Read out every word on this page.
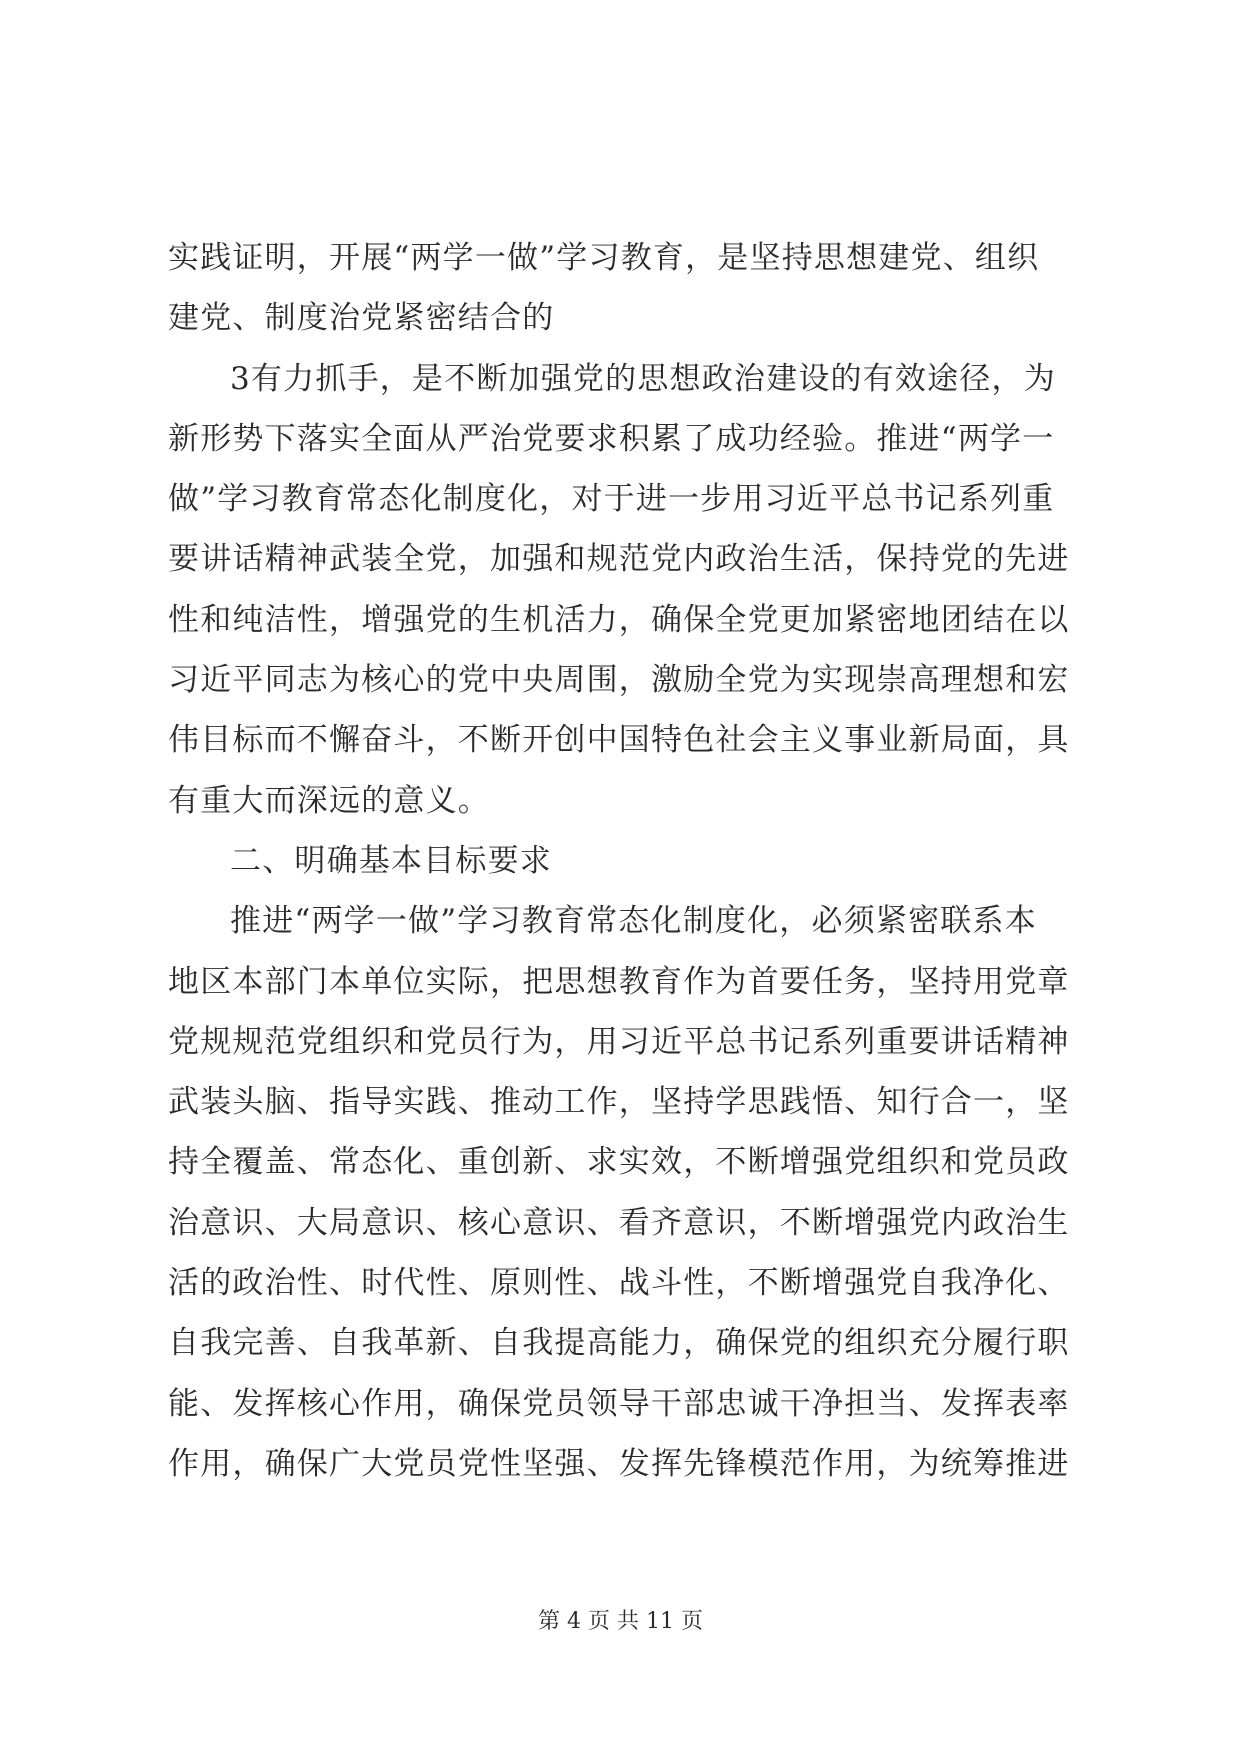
实践证明，开展“两学一做”学习教育，是坚持思想建党、组织
建党、制度治党紧密结合的
3有力抓手，是不断加强党的思想政治建设的有效途径，为
新形势下落实全面从严治党要求积累了成功经验。推进“两学一
做”学习教育常态化制度化，对于进一步用习近平总书记系列重
要讲话精神武装全党，加强和规范党内政治生活，保持党的先进
性和纯洁性，增强党的生机活力，确保全党更加紧密地团结在以
习近平同志为核心的党中央周围，激励全党为实现崇高理想和宏
伟目标而不懈奋斗，不断开创中国特色社会主义事业新局面，具
有重大而深远的意义。
二、明确基本目标要求
推进“两学一做”学习教育常态化制度化，必须紧密联系本
地区本部门本单位实际，把思想教育作为首要任务，坚持用党章
党规规范党组织和党员行为，用习近平总书记系列重要讲话精神
武装头脑、指导实践、推动工作，坚持学思践悟、知行合一，坚
持全覆盖、常态化、重创新、求实效，不断增强党组织和党员政
治意识、大局意识、核心意识、看齐意识，不断增强党内政治生
活的政治性、时代性、原则性、战斗性，不断增强党自我净化、
自我完善、自我革新、自我提高能力，确保党的组织充分履行职
能、发挥核心作用，确保党员领导干部忠诚干净担当、发挥表率
作用，确保广大党员党性坚强、发挥先锋模范作用，为统筹推进
第 4 页 共 11 页
